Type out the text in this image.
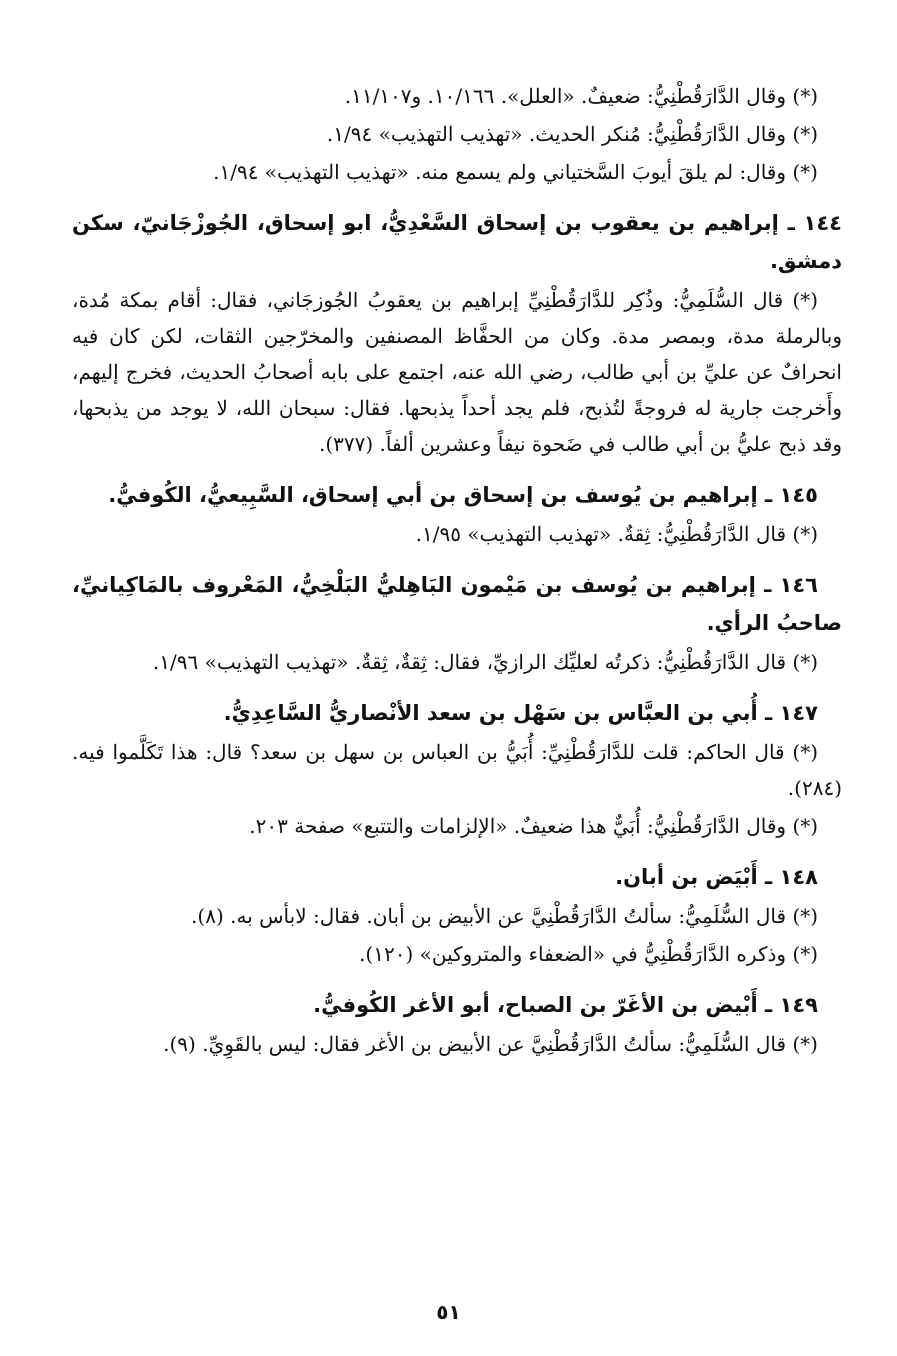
(*) وقال الدَّارَقُطْنِيُّ: ضعيفٌ. «العلل». ١٠/١٦٦. و١١/١٠٧.
(*) وقال الدَّارَقُطْنِيُّ: مُنكر الحديث. «تهذيب التهذيب» ١/٩٤.
(*) وقال: لم يلقَ أيوبَ السَّختياني ولم يسمع منه. «تهذيب التهذيب» ١/٩٤.
١٤٤ ـ إبراهيم بن يعقوب بن إسحاق السَّعْدِيُّ، ابو إسحاق، الجُوزْجَانيّ، سكن دمشق.
(*) قال السُّلَمِيُّ: وذُكِر للدَّارَقُطْنِيِّ إبراهيم بن يعقوبُ الجُوزجَاني، فقال: أقام بمكة مُدة، وبالرملة مدة، وبمصر مدة. وكان من الحفَّاظ المصنفين والمخرّجين الثقات، لكن كان فيه انحرافٌ عن عليِّ بن أبي طالب، رضي الله عنه، اجتمع على بابه أصحابُ الحديث، فخرج إليهم، وأَخرجت جارية له فروجةً لتُذبح، فلم يجد أحداً يذبحها. فقال: سبحان الله، لا يوجد من يذبحها، وقد ذبح عليُّ بن أبي طالب في ضَحوة نيفاً وعشرين ألفاً. (٣٧٧).
١٤٥ ـ إبراهيم بن يُوسف بن إسحاق بن أبي إسحاق، السَّبِيعيُّ، الكُوفيُّ.
(*) قال الدَّارَقُطْنِيُّ: ثِقةٌ. «تهذيب التهذيب» ١/٩٥.
١٤٦ ـ إبراهيم بن يُوسف بن مَيْمون البَاهِليُّ البَلْخِيُّ، المَعْروف بالمَاكِيانيِّ، صاحبُ الرأي.
(*) قال الدَّارَقُطْنِيُّ: ذكرتُه لعليِّك الرازيِّ، فقال: ثِقةٌ، ثِقةٌ. «تهذيب التهذيب» ١/٩٦.
١٤٧ ـ أُبي بن العبَّاس بن سَهْل بن سعد الأنْصاريُّ السَّاعِدِيُّ.
(*) قال الحاكم: قلت للدَّارَقُطْنِيِّ: أُبَيُّ بن العباس بن سهل بن سعد؟ قال: هذا تَكَلَّموا فيه. (٢٨٤).
(*) وقال الدَّارَقُطْنِيُّ: أُبَيٌّ هذا ضعيفٌ. «الإلزامات والتتبع» صفحة ٢٠٣.
١٤٨ ـ أَبْيَض بن أبان.
(*) قال السُّلَمِيُّ: سألتُ الدَّارَقُطْنِيَّ عن الأبيض بن أبان. فقال: لابأس به. (٨).
(*) وذكره الدَّارَقُطْنِيُّ في «الضعفاء والمتروكين» (١٢٠).
١٤٩ ـ أَبْيض بن الأغَرّ بن الصباح، أبو الأغر الكُوفيُّ.
(*) قال السُّلَمِيُّ: سألتُ الدَّارَقُطْنِيَّ عن الأبيض بن الأغر فقال: ليس بالقَوِيِّ. (٩).
٥١
